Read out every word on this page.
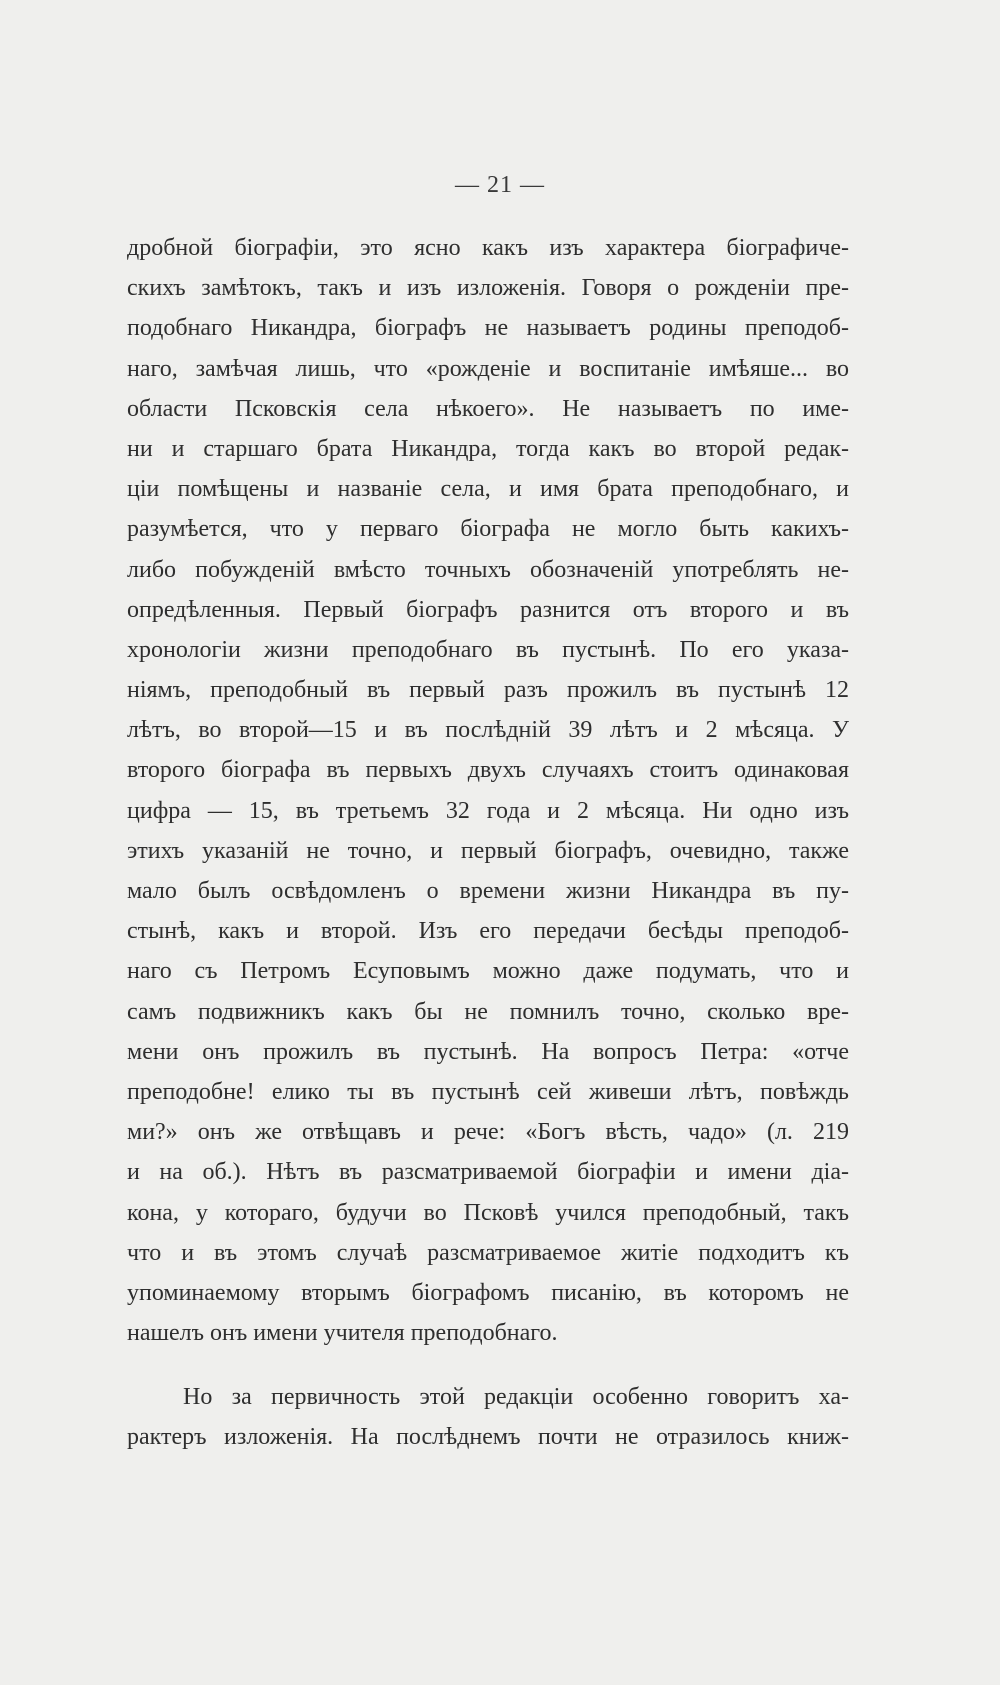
— 21 —
дробной біографіи, это ясно какъ изъ характера біографиче-
скихъ замѣтокъ, такъ и изъ изложенія. Говоря о рожденіи пре-
подобнаго Никандра, біографъ не называетъ родины преподоб-
наго, замѣчая лишь, что «рожденіе и воспитаніе имѣяше... во
области Псковскія села нѣкоего». Не называетъ по име-
ни и старшаго брата Никандра, тогда какъ во второй редак-
ціи помѣщены и названіе села, и имя брата преподобнаго, и
разумѣется, что у перваго біографа не могло быть какихъ-
либо побужденій вмѣсто точныхъ обозначеній употреблять не-
опредѣленныя. Первый біографъ разнится отъ второго и въ
хронологіи жизни преподобнаго въ пустынѣ. По его указа-
ніямъ, преподобный въ первый разъ прожилъ въ пустынѣ 12
лѣтъ, во второй—15 и въ послѣдній 39 лѣтъ и 2 мѣсяца. У
второго біографа въ первыхъ двухъ случаяхъ стоитъ одинаковая
цифра — 15, въ третьемъ 32 года и 2 мѣсяца. Ни одно изъ
этихъ указаній не точно, и первый біографъ, очевидно, также
мало былъ освѣдомленъ о времени жизни Никандра въ пу-
стынѣ, какъ и второй. Изъ его передачи бесѣды преподоб-
наго съ Петромъ Есуповымъ можно даже подумать, что и
самъ подвижникъ какъ бы не помнилъ точно, сколько вре-
мени онъ прожилъ въ пустынѣ. На вопросъ Петра: «отче
преподобне! елико ты въ пустынѣ сей живеши лѣтъ, повѣждь
ми?» онъ же отвѣщавъ и рече: «Богъ вѣсть, чадо» (л. 219
и на об.). Нѣтъ въ разсматриваемой біографіи и имени діа-
кона, у котораго, будучи во Псковѣ учился преподобный, такъ
что и въ этомъ случаѣ разсматриваемое житіе подходитъ къ
упоминаемому вторымъ біографомъ писанію, въ которомъ не
нашелъ онъ имени учителя преподобнаго.
Но за первичность этой редакціи особенно говоритъ ха-
рактеръ изложенія. На послѣднемъ почти не отразилось книж-
